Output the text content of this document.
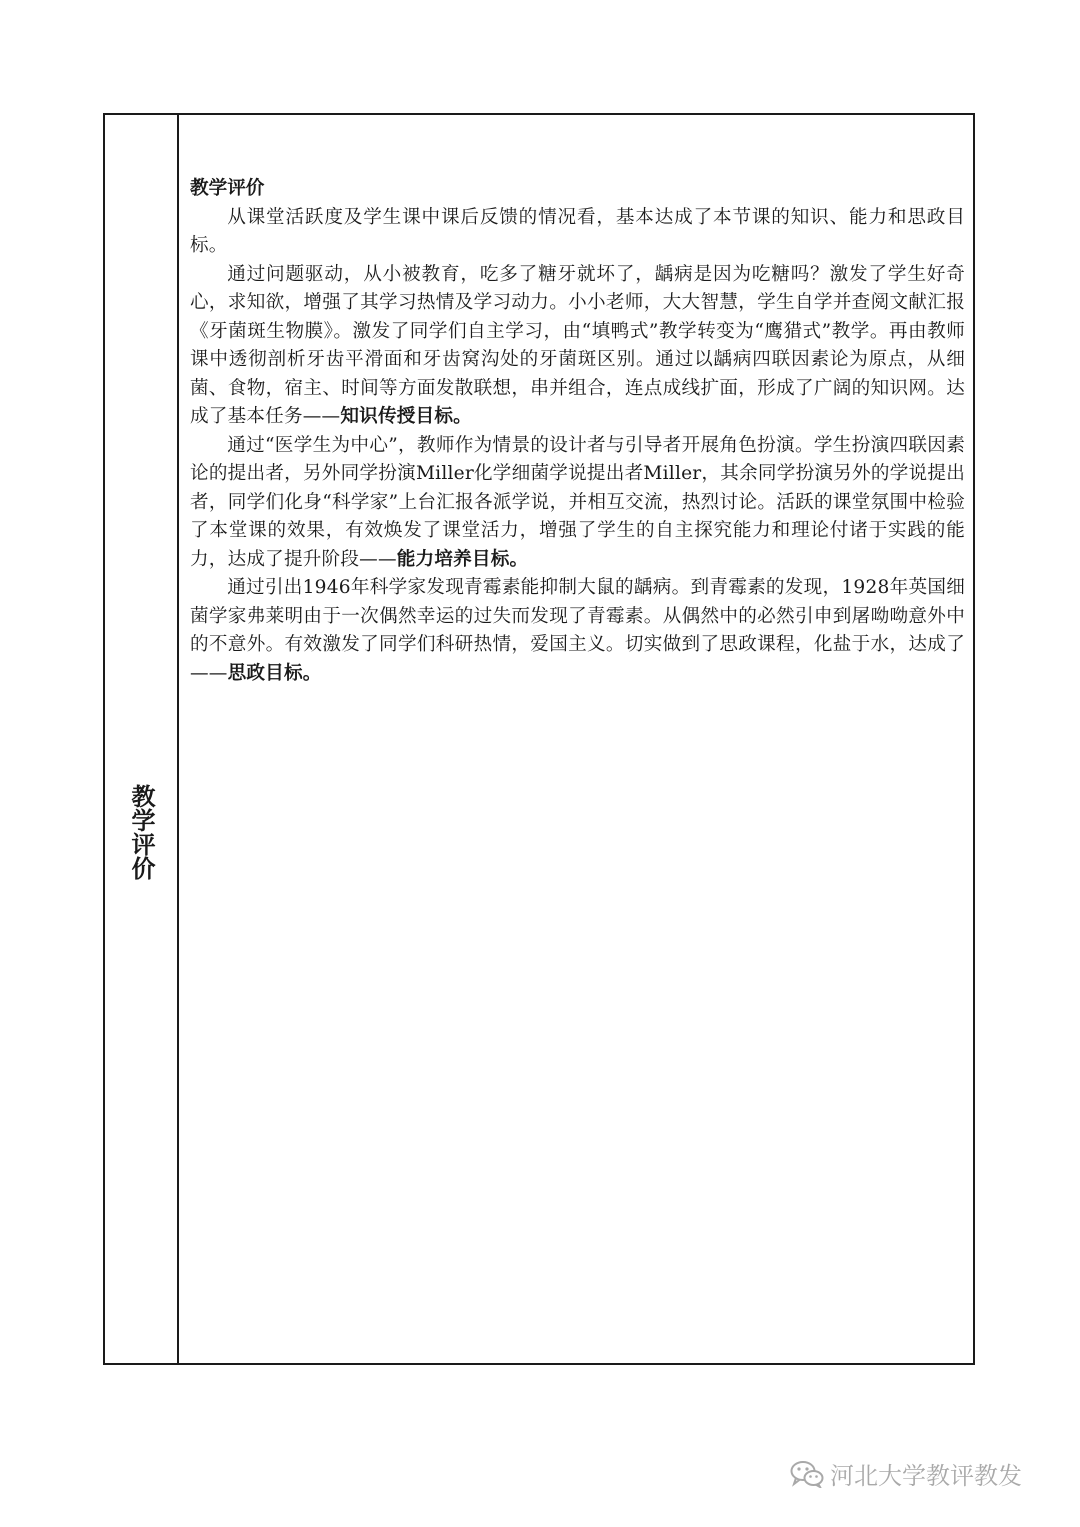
教学评价

教学评价

从课堂活跃度及学生课中课后反馈的情况看，基本达成了本节课的知识、能力和思政目标。

通过问题驱动，从小被教育，吃多了糖牙就坏了，龋病是因为吃糖吗？激发了学生好奇心，求知欲，增强了其学习热情及学习动力。小小老师，大大智慧，学生自学并查阅文献汇报《牙菌斑生物膜》。激发了同学们自主学习，由“填鸭式”教学转变为“鹰猎式”教学。再由教师课中透彻剖析牙齿平滑面和牙齿窝沟处的牙菌斑区别。通过以龋病四联因素论为原点，从细菌、食物，宿主、时间等方面发散联想，串并组合，连点成线扩面，形成了广阔的知识网。达成了基本任务——知识传授目标。

通过“医学生为中心”，教师作为情景的设计者与引导者开展角色扮演。学生扮演四联因素论的提出者，另外同学扮演Miller化学细菌学说提出者Miller，其余同学扮演另外的学说提出者，同学们化身“科学家”上台汇报各派学说，并相互交流，热烈讨论。活跃的课堂氛围中检验了本堂课的效果，有效焕发了课堂活力，增强了学生的自主探究能力和理论付诸于实践的能力，达成了提升阶段——能力培养目标。

通过引出1946年科学家发现青霉素能抑制大鼠的龋病。到青霉素的发现，1928年英国细菌学家弗莱明由于一次偶然幸运的过失而发现了青霉素。从偶然中的必然引申到屠呦呦意外中的不意外。有效激发了同学们科研热情，爱国主义。切实做到了思政课程，化盐于水，达成了——思政目标。

河北大学教评教发
